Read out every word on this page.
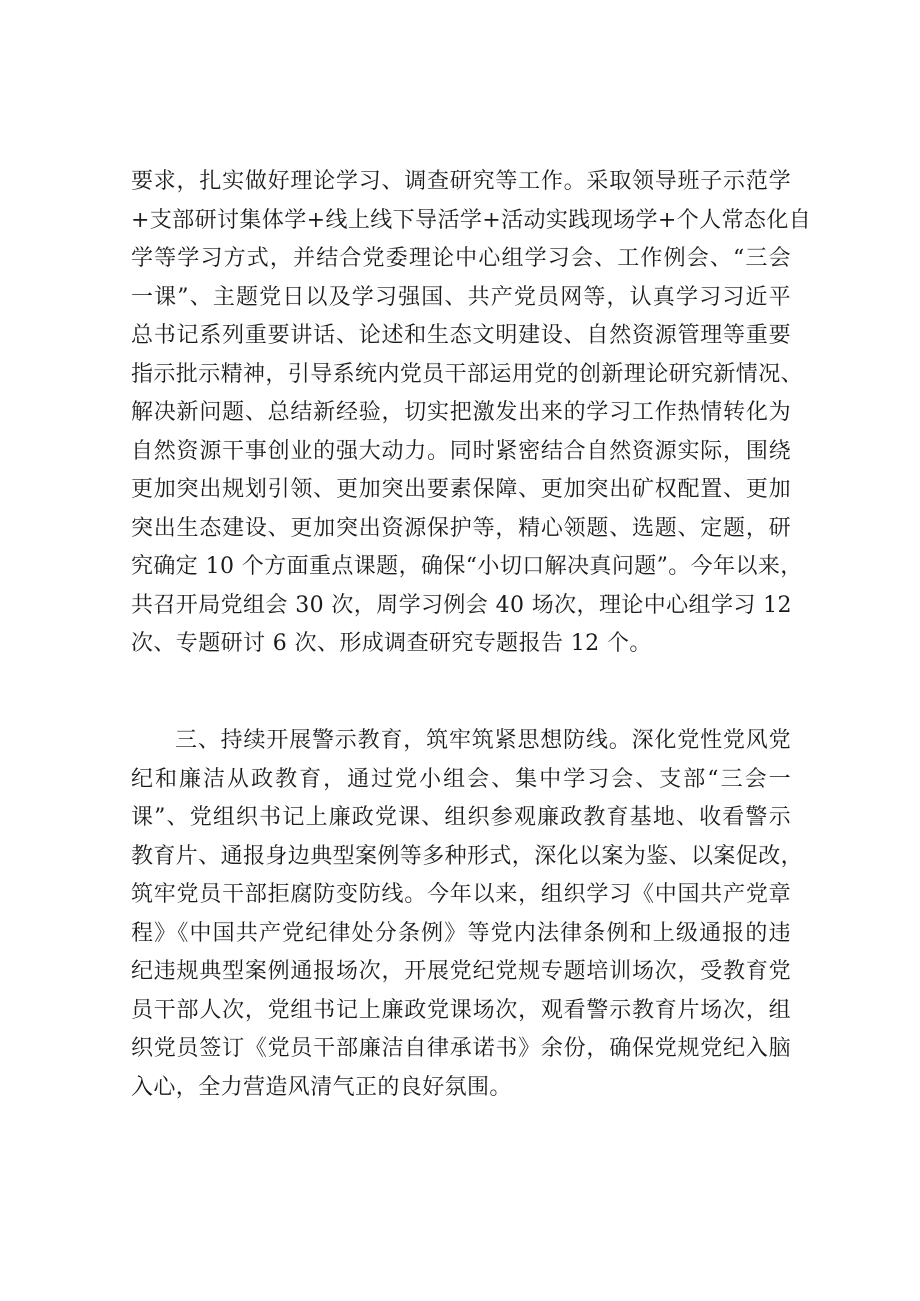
要求，扎实做好理论学习、调查研究等工作。采取领导班子示范学
+支部研讨集体学+线上线下导活学+活动实践现场学+个人常态化自
学等学习方式，并结合党委理论中心组学习会、工作例会、“三会
一课”、主题党日以及学习强国、共产党员网等，认真学习习近平
总书记系列重要讲话、论述和生态文明建设、自然资源管理等重要
指示批示精神，引导系统内党员干部运用党的创新理论研究新情况、
解决新问题、总结新经验，切实把激发出来的学习工作热情转化为
自然资源干事创业的强大动力。同时紧密结合自然资源实际，围绕
更加突出规划引领、更加突出要素保障、更加突出矿权配置、更加
突出生态建设、更加突出资源保护等，精心领题、选题、定题，研
究确定 10 个方面重点课题，确保“小切口解决真问题”。今年以来，
共召开局党组会 30 次，周学习例会 40 场次，理论中心组学习 12
次、专题研讨 6 次、形成调查研究专题报告 12 个。
三、持续开展警示教育，筑牢筑紧思想防线。深化党性党风党
纪和廉洁从政教育，通过党小组会、集中学习会、支部“三会一
课”、党组织书记上廉政党课、组织参观廉政教育基地、收看警示
教育片、通报身边典型案例等多种形式，深化以案为鉴、以案促改，
筑牢党员干部拒腐防变防线。今年以来，组织学习《中国共产党章
程》《中国共产党纪律处分条例》等党内法律条例和上级通报的违
纪违规典型案例通报场次，开展党纪党规专题培训场次，受教育党
员干部人次，党组书记上廉政党课场次，观看警示教育片场次，组
织党员签订《党员干部廉洁自律承诺书》余份，确保党规党纪入脑
入心，全力营造风清气正的良好氛围。
